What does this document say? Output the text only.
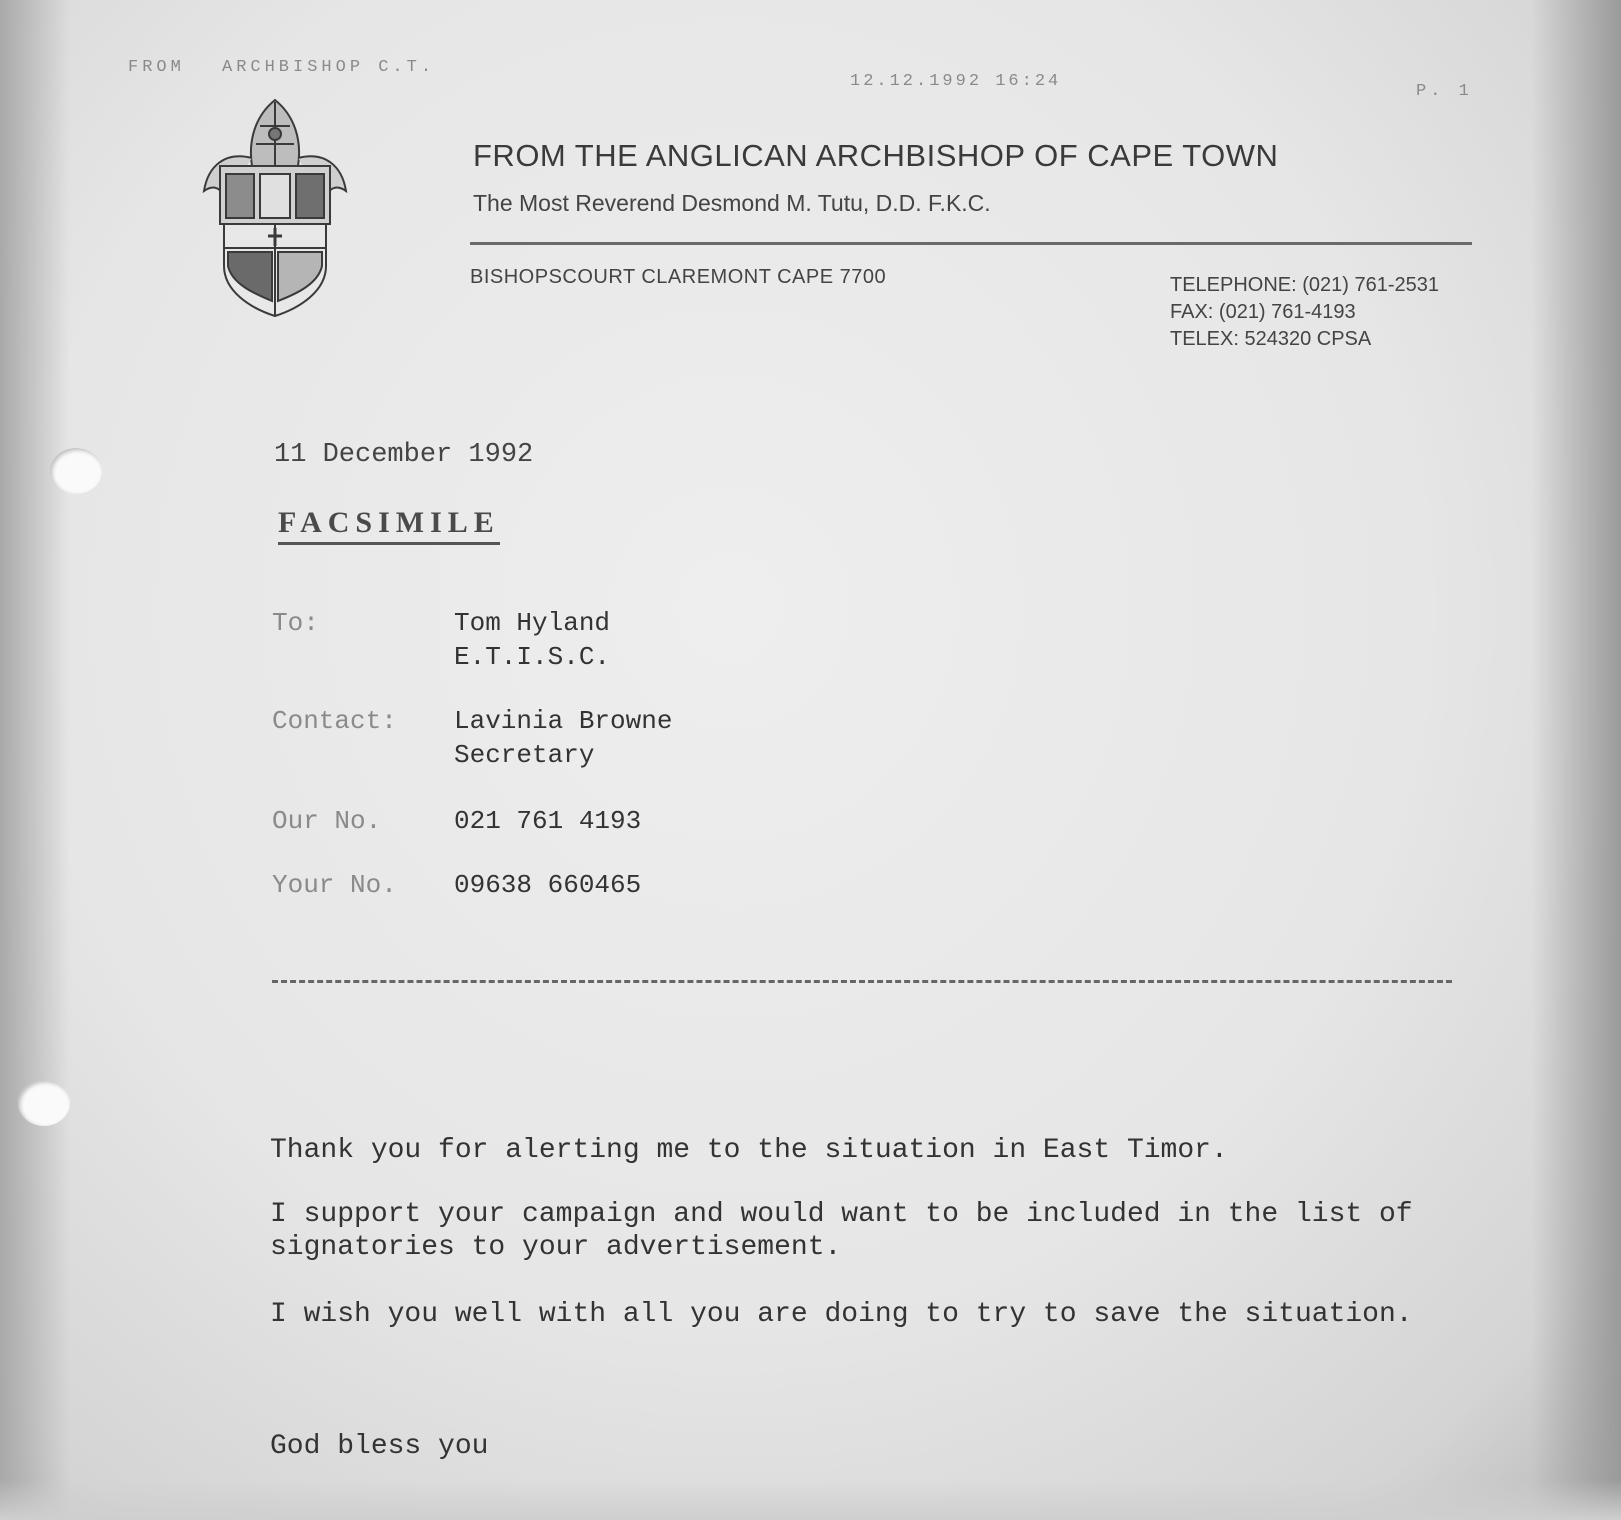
FROM ARCHBISHOP C.T.
12.12.1992 16:24
P. 1
FROM THE ANGLICAN ARCHBISHOP OF CAPE TOWN
The Most Reverend Desmond M. Tutu, D.D. F.K.C.
BISHOPSCOURT CLAREMONT CAPE 7700	TELEPHONE: (021) 761-2531
FAX: (021) 761-4193
TELEX: 524320 CPSA
11 December 1992
FACSIMILE
To:	Tom Hyland
E.T.I.S.C.
Contact: Lavinia Browne
Secretary
Our No.	021 761 4193
Your No. 09638 660465
Thank you for alerting me to the situation in East Timor.
I support your campaign and would want to be included in the list of signatories to your advertisement.
I wish you well with all you are doing to try to save the situation.
God bless you
